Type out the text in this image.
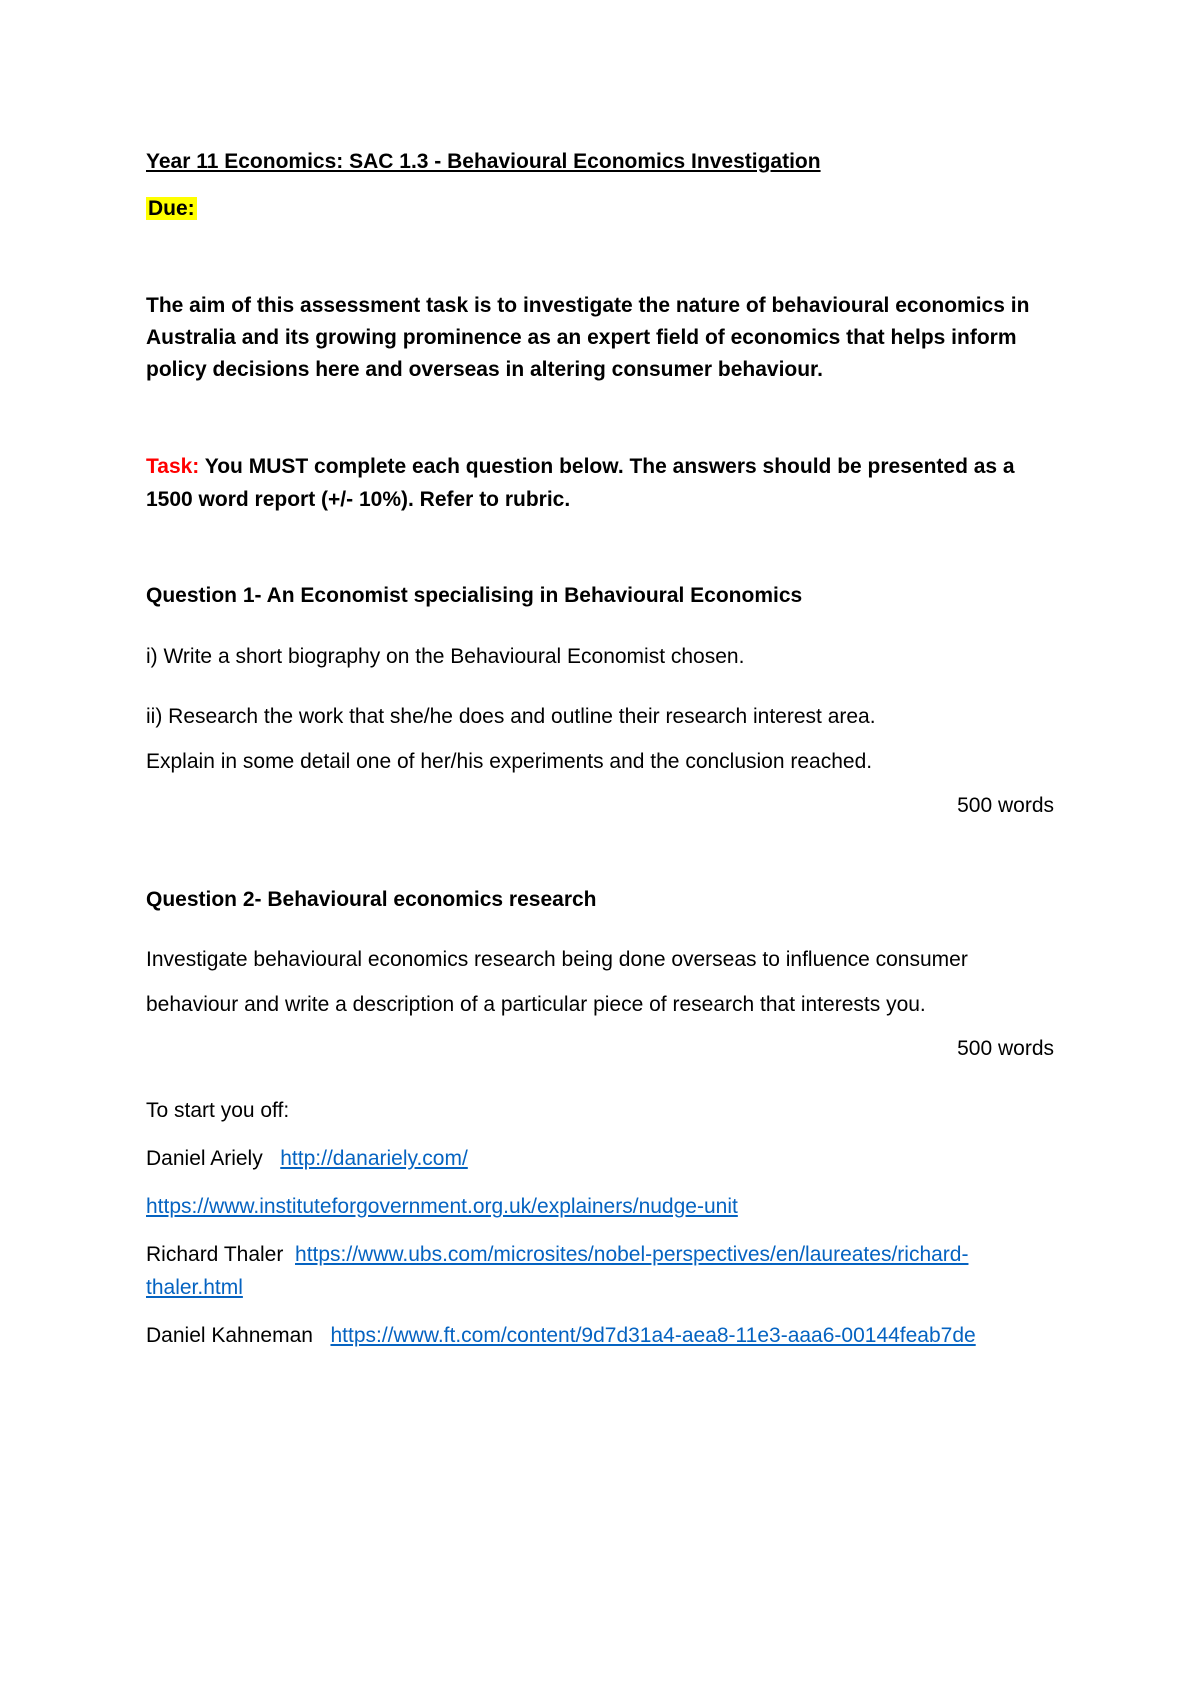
Year 11 Economics: SAC 1.3 - Behavioural Economics Investigation
Due:
The aim of this assessment task is to investigate the nature of behavioural economics in
Australia and its growing prominence as an expert field of economics that helps inform
policy decisions here and overseas in altering consumer behaviour.
Task: You MUST complete each question below. The answers should be presented as a
1500 word report (+/- 10%). Refer to rubric.
Question 1- An Economist specialising in Behavioural Economics
i) Write a short biography on the Behavioural Economist chosen.
ii) Research the work that she/he does and outline their research interest area.
Explain in some detail one of her/his experiments and the conclusion reached.
500 words
Question 2- Behavioural economics research
Investigate behavioural economics research being done overseas to influence consumer
behaviour and write a description of a particular piece of research that interests you.
500 words
To start you off:
Daniel Ariely http://danariely.com/
https://www.instituteforgovernment.org.uk/explainers/nudge-unit
Richard Thaler https://www.ubs.com/microsites/nobel-perspectives/en/laureates/richard-
thaler.html
Daniel Kahneman https://www.ft.com/content/9d7d31a4-aea8-11e3-aaa6-00144feab7de
